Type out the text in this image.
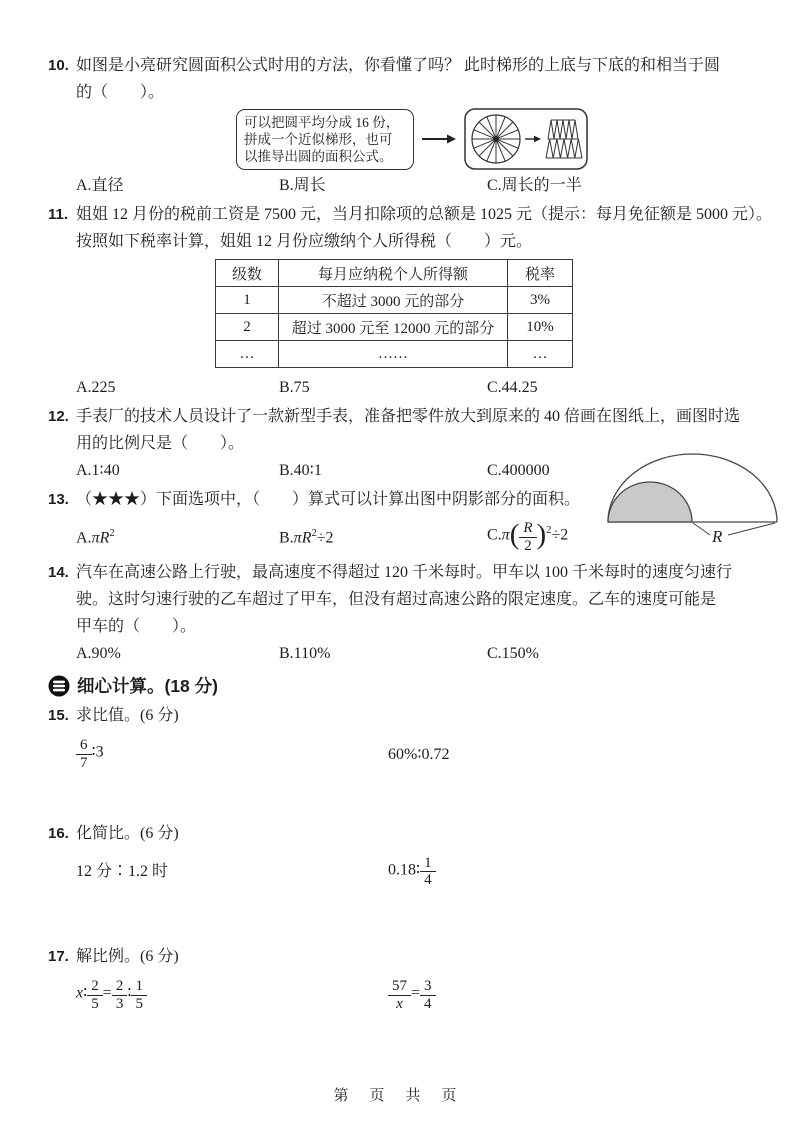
10. 如图是小亮研究圆面积公式时用的方法，你看懂了吗？ 此时梯形的上底与下底的和相当于圆
的（　　）。
可以把圆平均分成 16 份，
拼成一个近似梯形，也可
以推导出圆的面积公式。
A.直径	B.周长	C.周长的一半
11. 姐姐 12 月份的税前工资是 7500 元，当月扣除项的总额是 1025 元（提示：每月免征额是 5000 元）。
按照如下税率计算，姐姐 12 月份应缴纳个人所得税（　　）元。
级数	每月应纳税个人所得额	税率
1	不超过 3000 元的部分	3%
2	超过 3000 元至 12000 元的部分	10%
…	……	…
A.225	B.75	C.44.25
12. 手表厂的技术人员设计了一款新型手表，准备把零件放大到原来的 40 倍画在图纸上，画图时选
用的比例尺是（　　）。
A.1∶40	B.40∶1	C.400000
13. （★★★）下面选项中，（　　）算式可以计算出图中阴影部分的面积。
$A.\pi R^2$	$B.\pi R^2\div 2$	$C.\pi( \frac{R}{2} )^2\div 2$	R
14. 汽车在高速公路上行驶，最高速度不得超过 120 千米每时。甲车以 100 千米每时的速度匀速行
驶。这时匀速行驶的乙车超过了甲车，但没有超过高速公路的限定速度。乙车的速度可能是
甲车的（　　）。
A.90%	B.110%	C.150%
细心计算。(18 分)
15. 求比值。(6 分)
$\frac{6}{7}$ ∶3	60%∶0.72
16. 化简比。(6 分)
12 分∶1.2 时	0.18∶ $\frac{1}{4}$
17. 解比例。(6 分)
x∶ $\frac{2}{5} = \frac{2}{3}$ ∶ $\frac{1}{5}$	$\frac{57}{x} = \frac{3}{4}$
第　页　共　页
